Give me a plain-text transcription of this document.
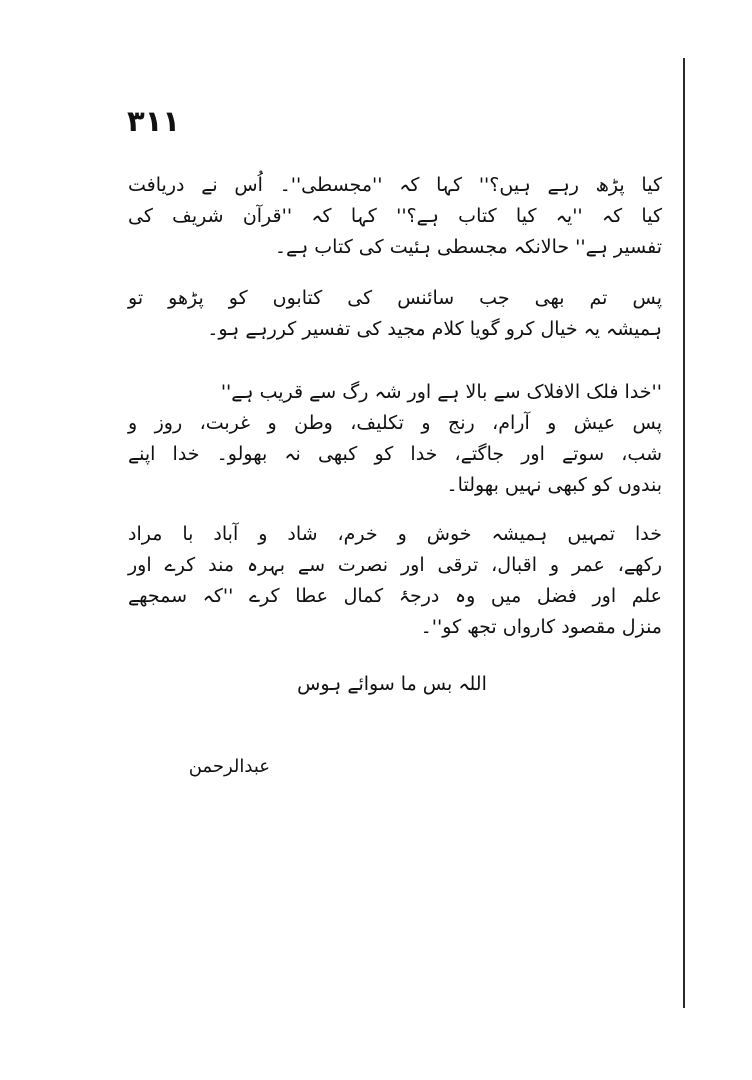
۱۱۳
کیا پڑھ رہے ہیں؟'' کہا کہ ''مجسطی''۔ اُس نے دریافت
کیا کہ ''یہ کیا کتاب ہے؟'' کہا کہ ''قرآن شریف کی
تفسیر ہے'' حالانکہ مجسطی ہئیت کی کتاب ہے۔
پس تم بھی جب سائنس کی کتابوں کو پڑھو تو
ہمیشہ یہ خیال کرو گویا کلام مجید کی تفسیر کررہے ہو۔
''خدا فلک الافلاک سے بالا ہے اور شہ رگ سے قریب ہے''
پس عیش و آرام، رنج و تکلیف، وطن و غربت، روز و
شب، سوتے اور جاگتے، خدا کو کبھی نہ بھولو۔ خدا اپنے
بندوں کو کبھی نہیں بھولتا۔
خدا تمہیں ہمیشہ خوش و خرم، شاد و آباد با مراد
رکھے، عمر و اقبال، ترقی اور نصرت سے بہرہ مند کرے اور
علم اور فضل میں وہ درجۂ کمال عطا کرے ''کہ سمجھے
منزل مقصود کارواں تجھ کو''۔
اللہ بس ما سوائے ہوس
عبدالرحمن
